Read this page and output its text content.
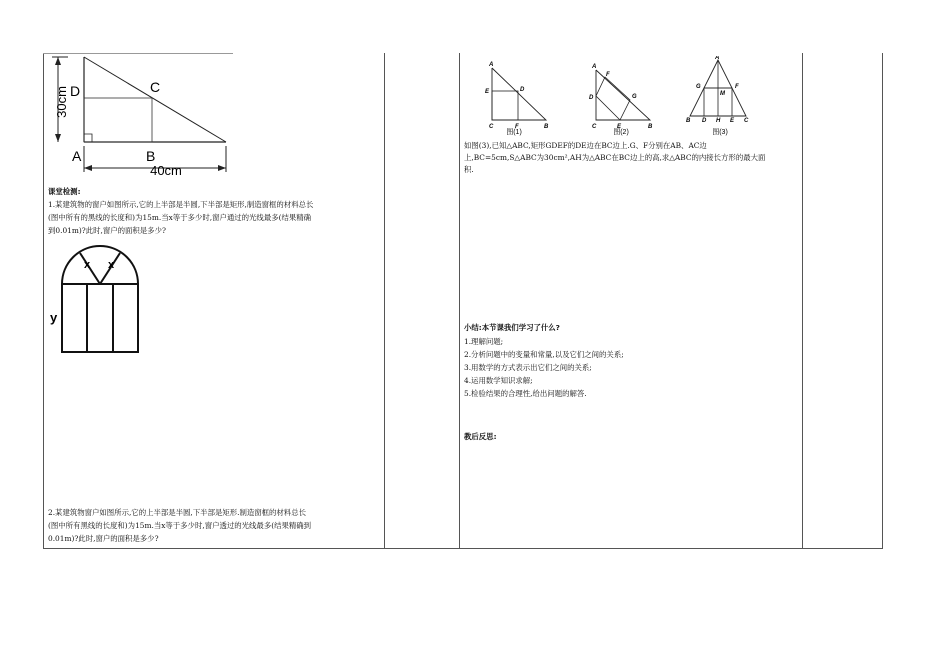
30cm
40cm
A	B
C
D
课堂检测:
1.某建筑物的窗户如图所示,它的上半部是半圆,下半部是矩形,制造窗框的材料总长
(图中所有的黑线的长度和)为15m.当x等于多少时,窗户通过的光线最多(结果精确
到0.01m)?此时,窗户的面积是多少?
x x
y
2.某建筑物窗户如图所示,它的上半部是半圆,下半部是矩形.制造窗框的材料总长
(图中所有黑线的长度和)为15m.当x等于多少时,窗户透过的光线最多(结果精确到
0.01m)?此时,窗户的面积是多少?
A
E	D
C	F	B
A
F
D	G
C	E	B
A
G	F
M
B D H E C
图(1)	图(2)	图(3)
如图(3),已知△ABC,矩形GDEF的DE边在BC边上.G、F分别在AB、AC边
上,BC=5cm,S△ABC为30cm²,AH为△ABC在BC边上的高,求△ABC的内接长方形的最大面
积.
小结:本节课我们学习了什么?
1.理解问题;
2.分析问题中的变量和常量,以及它们之间的关系;
3.用数学的方式表示出它们之间的关系;
4.运用数学知识求解;
5.检验结果的合理性,给出问题的解答.
教后反思:
